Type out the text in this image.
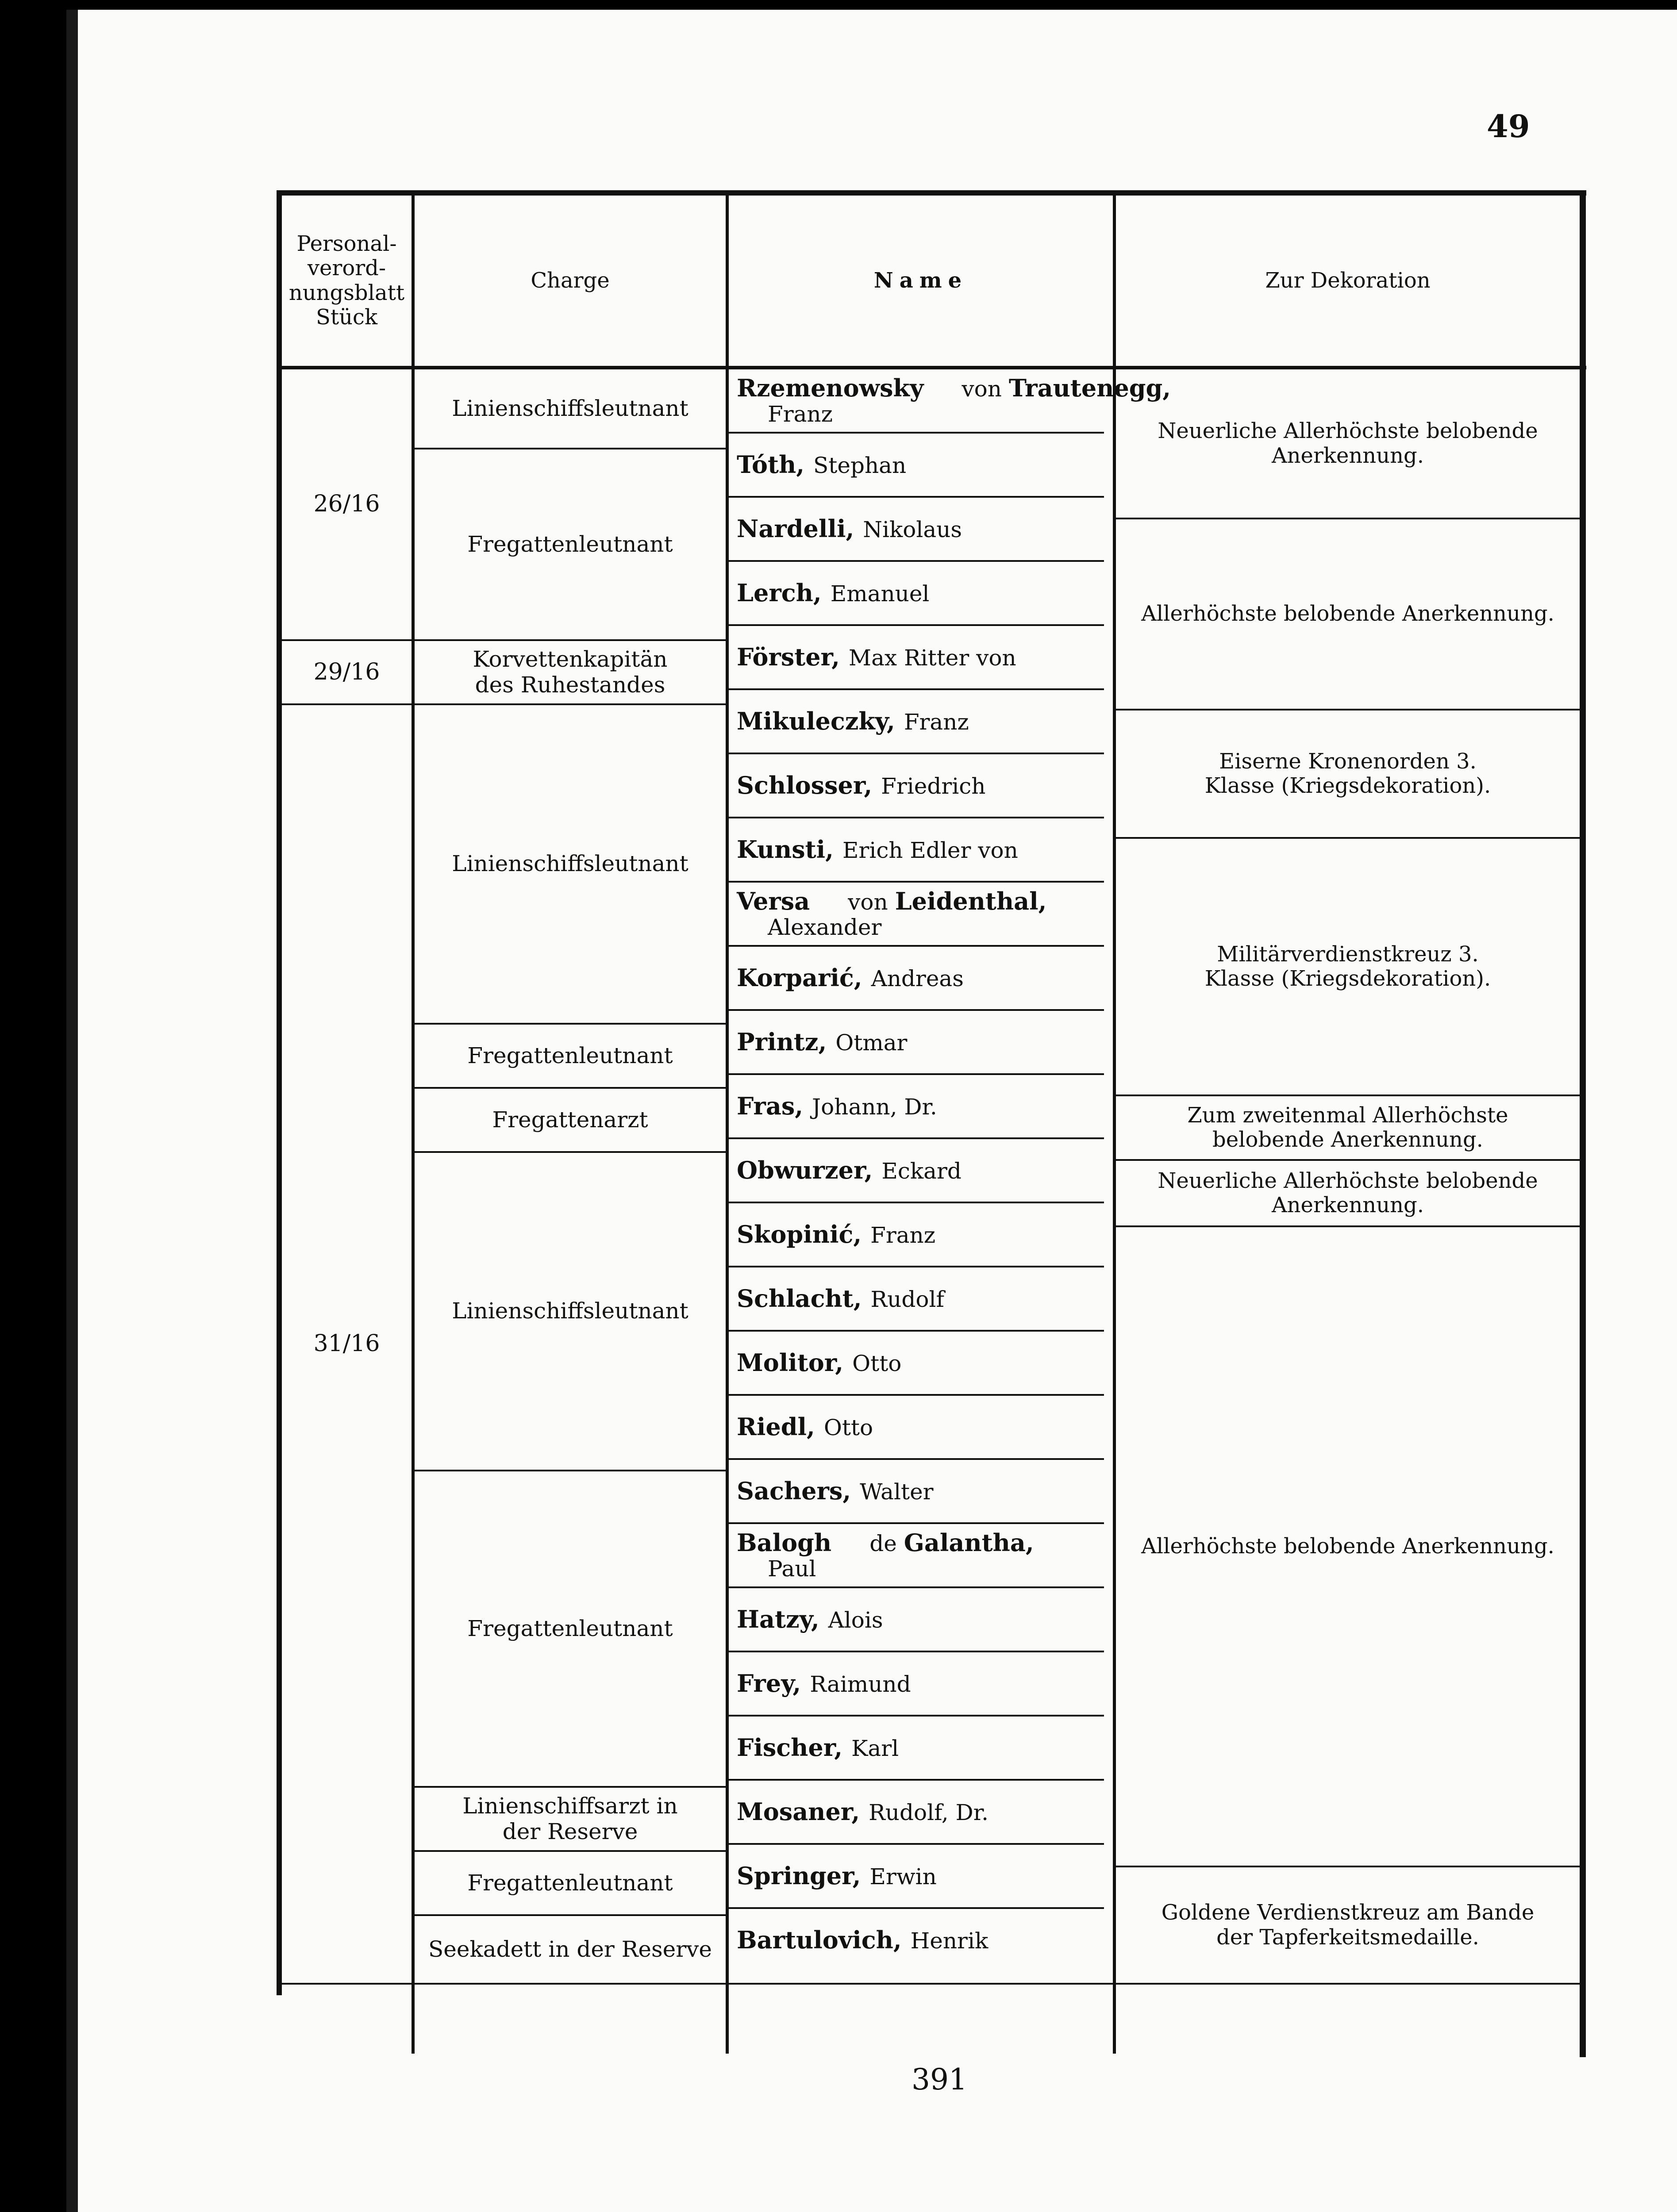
49
Personal-verord-nungsblatt Stück
Charge	Name	Zur Dekoration
26/16
29/16
31/16
Linienschiffsleutnant
Fregattenleutnant
Korvettenkapitän des Ruhestandes
Linienschiffsleutnant
Fregattenleutnant
Fregattenarzt
Linienschiffsleutnant
Fregattenleutnant
Linienschiffsarzt in der Reserve
Fregattenleutnant
Seekadett in der Reserve
Rzemenowsky von Trautenegg,
Franz
Tóth, Stephan
Nardelli, Nikolaus
Lerch, Emanuel
Förster, Max Ritter von
Mikuleczky, Franz
Schlosser, Friedrich
Kunsti, Erich Edler von
Versa von Leidenthal,
Alexander
Korparić, Andreas
Printz, Otmar
Fras, Johann, Dr.
Obwurzer, Eckard
Skopinić, Franz
Schlacht, Rudolf
Molitor, Otto
Riedl, Otto
Sachers, Walter
Balogh de Galantha,
Paul
Hatzy, Alois
Frey, Raimund
Fischer, Karl
Mosaner, Rudolf, Dr.
Springer, Erwin
Bartulovich, Henrik
Neuerliche Allerhöchste belobende Anerkennung.
Allerhöchste belobende Anerkennung.
Eiserne Kronenorden 3. Klasse (Kriegsdekoration).
Militärverdienstkreuz 3. Klasse (Kriegsdekoration).
Zum zweitenmal Allerhöchste belobende Anerkennung.
Neuerliche Allerhöchste belobende Anerkennung.
Allerhöchste belobende Anerkennung.
Goldene Verdienstkreuz am Bande der Tapferkeitsmedaille.
391
